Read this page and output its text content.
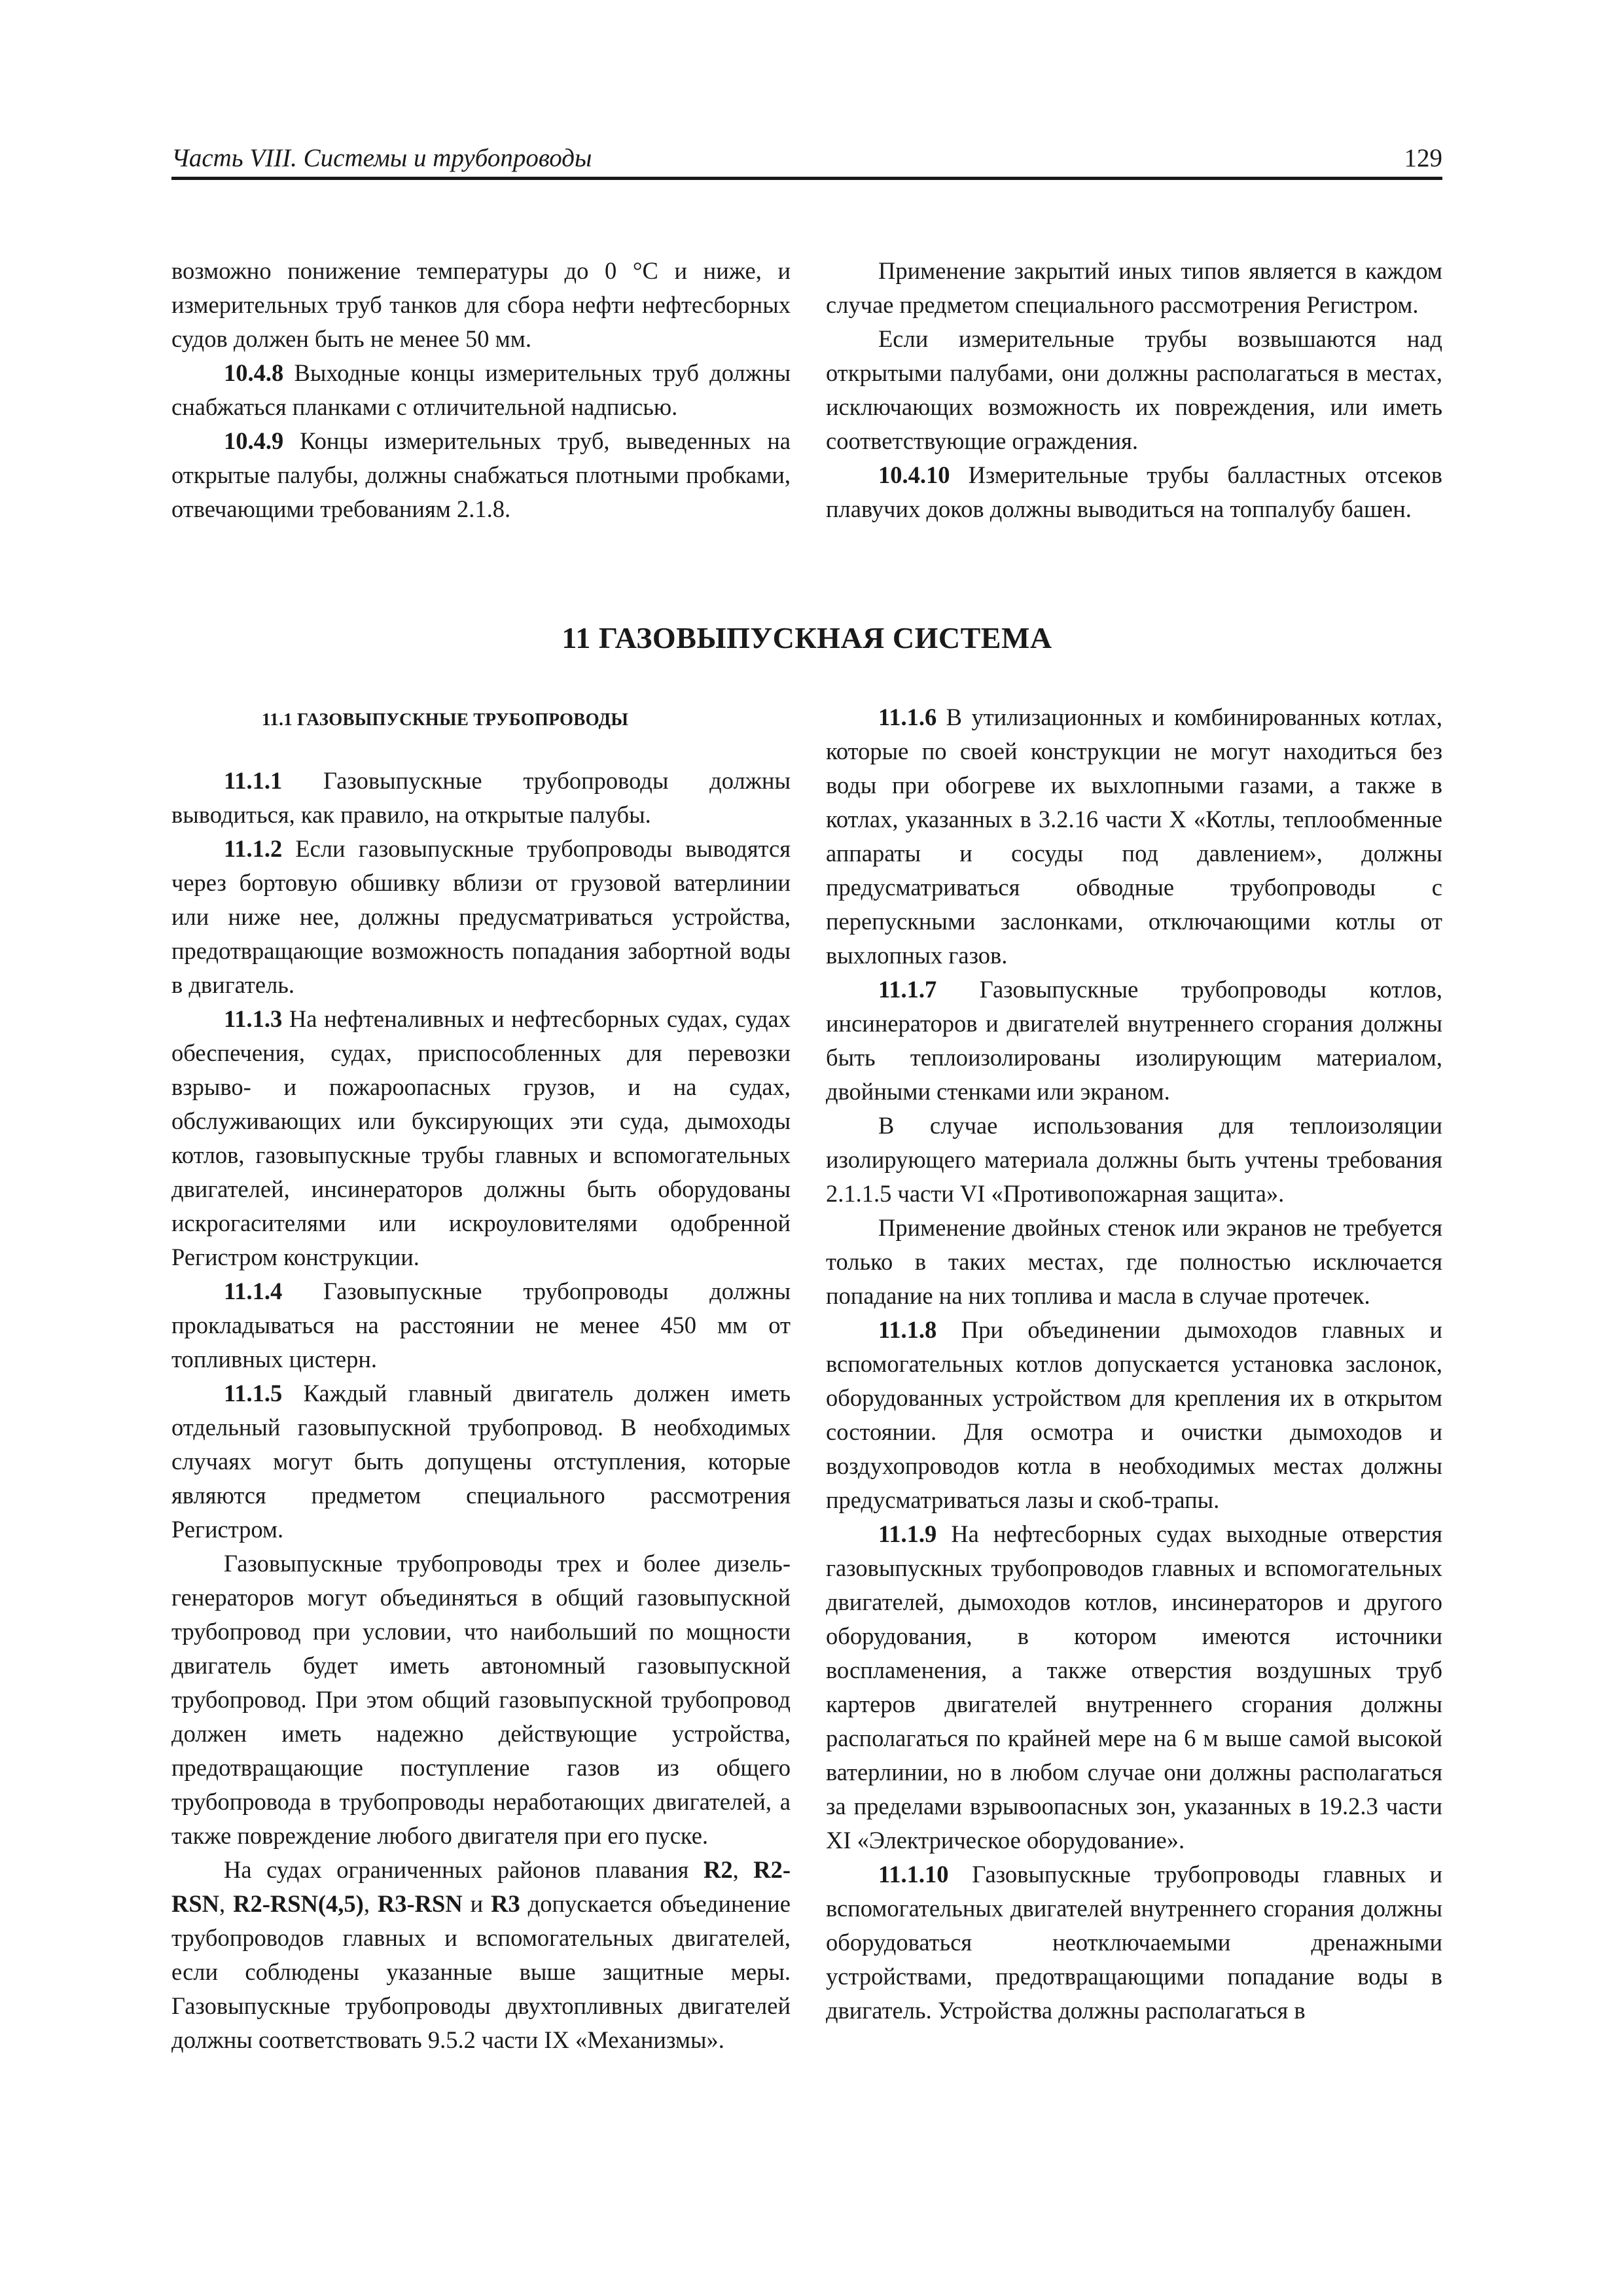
Часть VIII. Системы и трубопроводы	129

возможно понижение температуры до 0 °С и ниже, и измерительных труб танков для сбора нефти нефтесборных судов должен быть не менее 50 мм.

10.4.8 Выходные концы измерительных труб должны снабжаться планками с отличительной надписью.

10.4.9 Концы измерительных труб, выведенных на открытые палубы, должны снабжаться плотными пробками, отвечающими требованиям 2.1.8.

Применение закрытий иных типов является в каждом случае предметом специального рассмотрения Регистром.

Если измерительные трубы возвышаются над открытыми палубами, они должны располагаться в местах, исключающих возможность их повреждения, или иметь соответствующие ограждения.

10.4.10 Измерительные трубы балластных отсеков плавучих доков должны выводиться на топпалубу башен.

11 ГАЗОВЫПУСКНАЯ СИСТЕМА
11.1 ГАЗОВЫПУСКНЫЕ ТРУБОПРОВОДЫ

11.1.1 Газовыпускные трубопроводы должны выводиться, как правило, на открытые палубы.

11.1.2 Если газовыпускные трубопроводы выводятся через бортовую обшивку вблизи от грузовой ватерлинии или ниже нее, должны предусматриваться устройства, предотвращающие возможность попадания забортной воды в двигатель.

11.1.3 На нефтеналивных и нефтесборных судах, судах обеспечения, судах, приспособленных для перевозки взрыво- и пожароопасных грузов, и на судах, обслуживающих или буксирующих эти суда, дымоходы котлов, газовыпускные трубы главных и вспомогательных двигателей, инсинераторов должны быть оборудованы искрогасителями или искроуловителями одобренной Регистром конструкции.

11.1.4 Газовыпускные трубопроводы должны прокладываться на расстоянии не менее 450 мм от топливных цистерн.

11.1.5 Каждый главный двигатель должен иметь отдельный газовыпускной трубопровод. В необходимых случаях могут быть допущены отступления, которые являются предметом специального рассмотрения Регистром.

Газовыпускные трубопроводы трех и более дизель-генераторов могут объединяться в общий газовыпускной трубопровод при условии, что наибольший по мощности двигатель будет иметь автономный газовыпускной трубопровод. При этом общий газовыпускной трубопровод должен иметь надежно действующие устройства, предотвращающие поступление газов из общего трубопровода в трубопроводы неработающих двигателей, а также повреждение любого двигателя при его пуске.

На судах ограниченных районов плавания R2, R2-RSN, R2-RSN(4,5), R3-RSN и R3 допускается объединение трубопроводов главных и вспомогательных двигателей, если соблюдены указанные выше защитные меры. Газовыпускные трубопроводы двухтопливных двигателей должны соответствовать 9.5.2 части IX «Механизмы».

11.1.6 В утилизационных и комбинированных котлах, которые по своей конструкции не могут находиться без воды при обогреве их выхлопными газами, а также в котлах, указанных в 3.2.16 части X «Котлы, теплообменные аппараты и сосуды под давлением», должны предусматриваться обводные трубопроводы с перепускными заслонками, отключающими котлы от выхлопных газов.

11.1.7 Газовыпускные трубопроводы котлов, инсинераторов и двигателей внутреннего сгорания должны быть теплоизолированы изолирующим материалом, двойными стенками или экраном.

В случае использования для теплоизоляции изолирующего материала должны быть учтены требования 2.1.1.5 части VI «Противопожарная защита».

Применение двойных стенок или экранов не требуется только в таких местах, где полностью исключается попадание на них топлива и масла в случае протечек.

11.1.8 При объединении дымоходов главных и вспомогательных котлов допускается установка заслонок, оборудованных устройством для крепления их в открытом состоянии. Для осмотра и очистки дымоходов и воздухопроводов котла в необходимых местах должны предусматриваться лазы и скоб-трапы.

11.1.9 На нефтесборных судах выходные отверстия газовыпускных трубопроводов главных и вспомогательных двигателей, дымоходов котлов, инсинераторов и другого оборудования, в котором имеются источники воспламенения, а также отверстия воздушных труб картеров двигателей внутреннего сгорания должны располагаться по крайней мере на 6 м выше самой высокой ватерлинии, но в любом случае они должны располагаться за пределами взрывоопасных зон, указанных в 19.2.3 части XI «Электрическое оборудование».

11.1.10 Газовыпускные трубопроводы главных и вспомогательных двигателей внутреннего сгорания должны оборудоваться неотключаемыми дренажными устройствами, предотвращающими попадание воды в двигатель. Устройства должны располагаться в
